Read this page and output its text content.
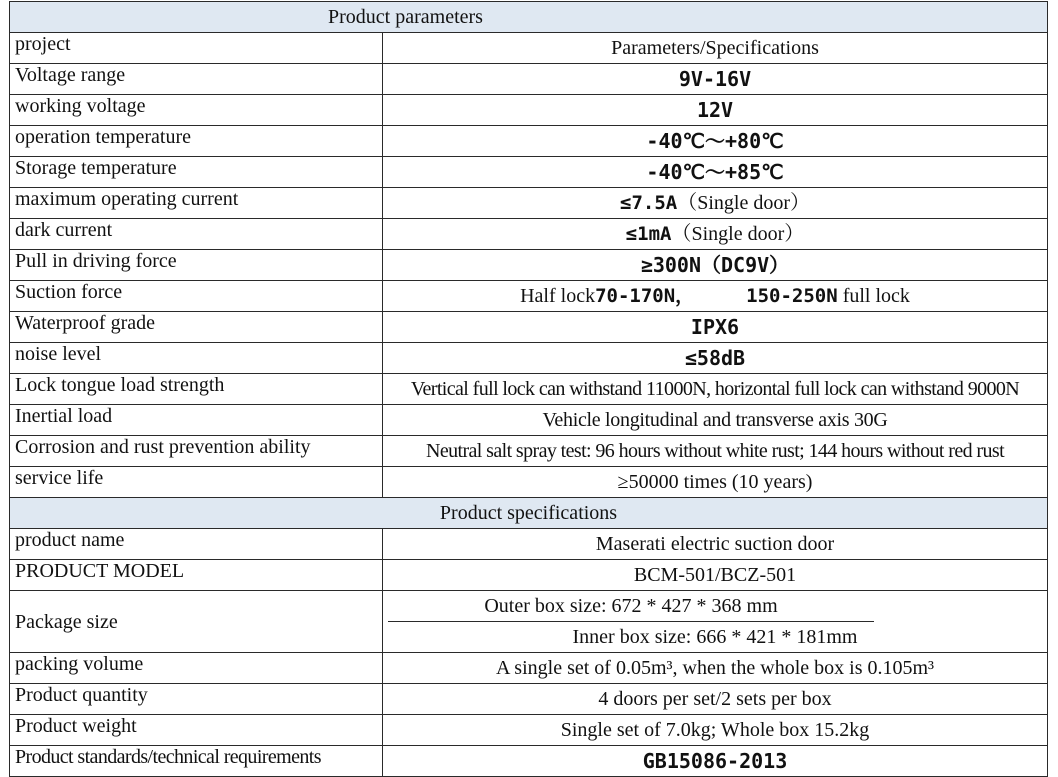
Product parameters	
project	Parameters/Specifications
Voltage range	9V-16V
working voltage	12V
operation temperature	-40℃～+80℃
Storage temperature	-40℃～+85℃
maximum operating current	≤7.5A（Single door）
dark current	≤1mA（Single door）
Pull in driving force	≥300N（DC9V）
Suction force	Half lock70-170N， 150-250N full lock
Waterproof grade	IPX6
noise level	≤58dB
Lock tongue load strength	Vertical full lock can withstand 11000N, horizontal full lock can withstand 9000N
Inertial load	Vehicle longitudinal and transverse axis 30G
Corrosion and rust prevention ability	Neutral salt spray test: 96 hours without white rust; 144 hours without red rust
service life	≥50000 times (10 years)
Product specifications	
product name	Maserati electric suction door
PRODUCT MODEL	BCM-501/BCZ-501
Package size	Outer box size: 672 * 427 * 368 mm
Inner box size: 666 * 421 * 181mm

packing volume	A single set of 0.05m³, when the whole box is 0.105m³
Product quantity	4 doors per set/2 sets per box
Product weight	Single set of 7.0kg; Whole box 15.2kg
Product standards/technical requirements	GB15086-2013
